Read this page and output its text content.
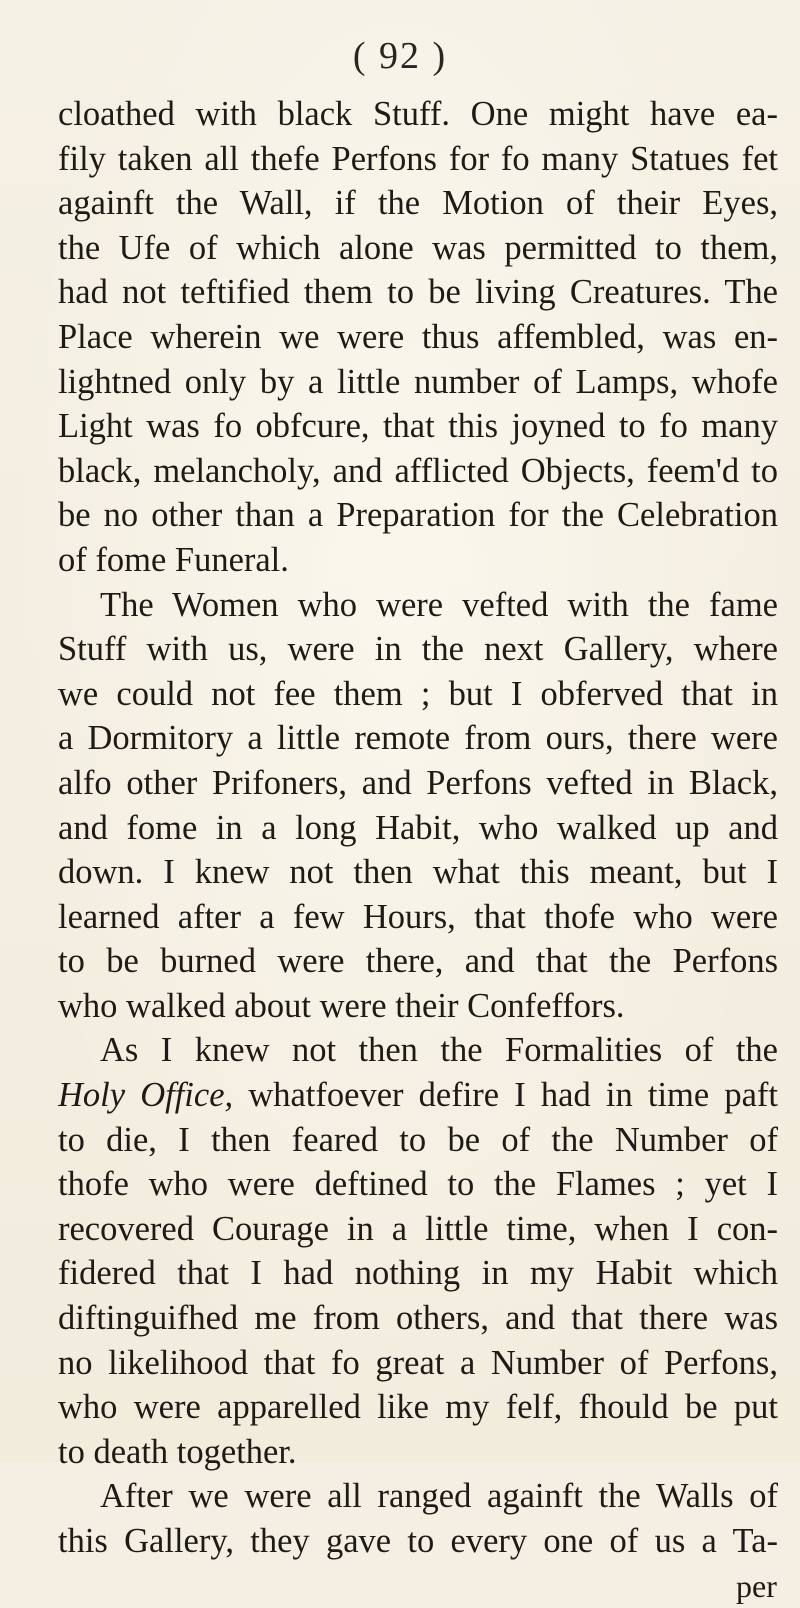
( 92 )
cloathed with black Stuff. One might have ea-
fily taken all thefe Perfons for fo many Statues fet
againft the Wall, if the Motion of their Eyes,
the Ufe of which alone was permitted to them,
had not teftified them to be living Creatures. The
Place wherein we were thus affembled, was en-
lightned only by a little number of Lamps, whofe
Light was fo obfcure, that this joyned to fo many
black, melancholy, and afflicted Objects, feem'd to
be no other than a Preparation for the Celebration
of fome Funeral.
The Women who were vefted with the fame
Stuff with us, were in the next Gallery, where
we could not fee them ; but I obferved that in
a Dormitory a little remote from ours, there were
alfo other Prifoners, and Perfons vefted in Black,
and fome in a long Habit, who walked up and
down. I knew not then what this meant, but I
learned after a few Hours, that thofe who were
to be burned were there, and that the Perfons
who walked about were their Confeffors.
As I knew not then the Formalities of the
Holy Office, whatfoever defire I had in time paft
to die, I then feared to be of the Number of
thofe who were deftined to the Flames ; yet I
recovered Courage in a little time, when I con-
fidered that I had nothing in my Habit which
diftinguifhed me from others, and that there was
no likelihood that fo great a Number of Perfons,
who were apparelled like my felf, fhould be put
to death together.
After we were all ranged againft the Walls of
this Gallery, they gave to every one of us a Ta-
per
